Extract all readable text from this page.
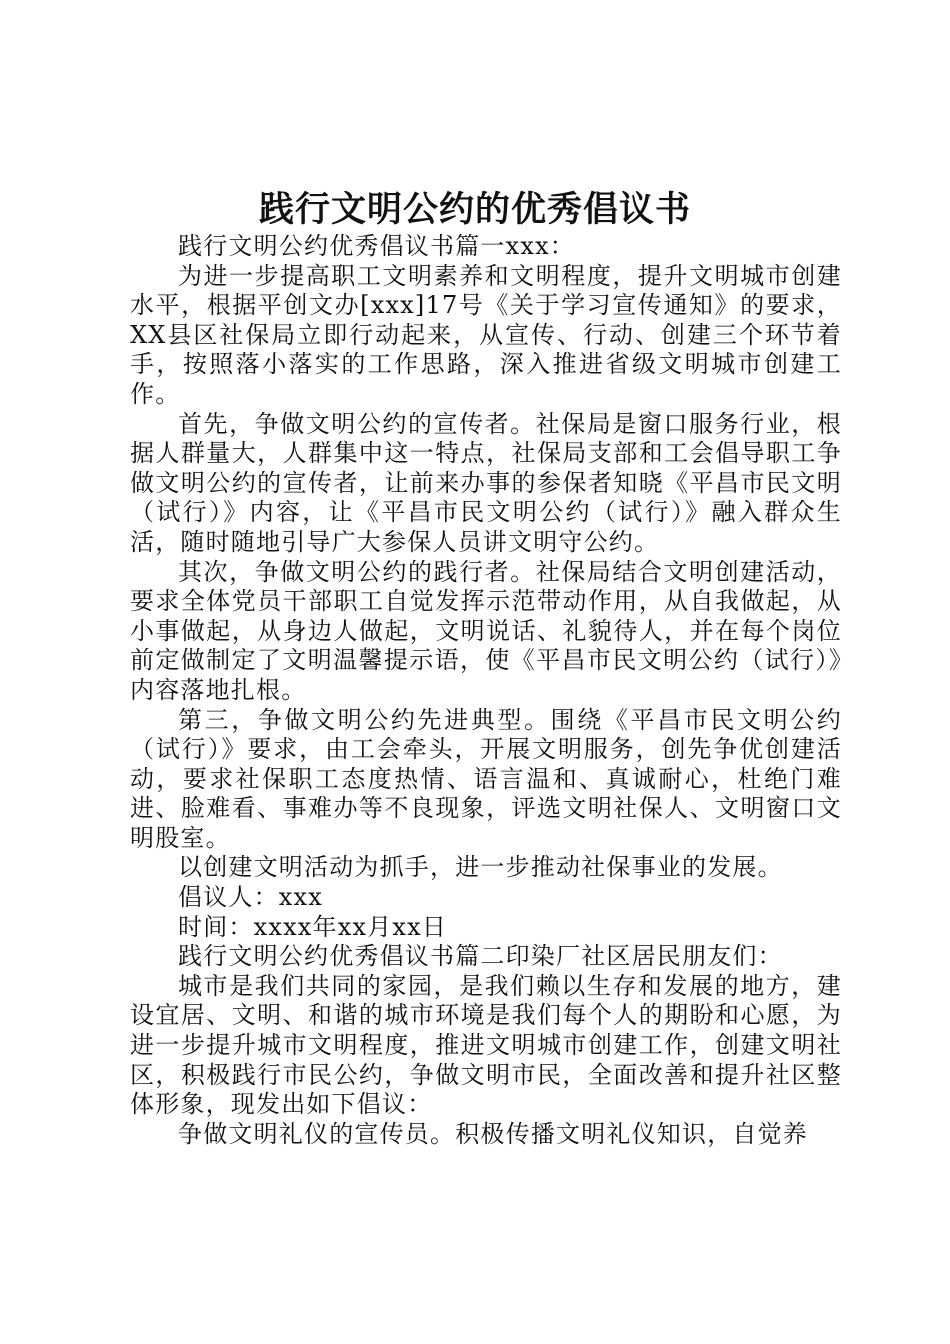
践行文明公约的优秀倡议书

践行文明公约优秀倡议书篇一xxx：

为进一步提高职工文明素养和文明程度，提升文明城市创建水平，根据平创文办[xxx]17号《关于学习宣传通知》的要求，XX县区社保局立即行动起来，从宣传、行动、创建三个环节着手，按照落小落实的工作思路，深入推进省级文明城市创建工作。

首先，争做文明公约的宣传者。社保局是窗口服务行业，根据人群量大，人群集中这一特点，社保局支部和工会倡导职工争做文明公约的宣传者，让前来办事的参保者知晓《平昌市民文明（试行）》内容，让《平昌市民文明公约（试行）》融入群众生活，随时随地引导广大参保人员讲文明守公约。

其次，争做文明公约的践行者。社保局结合文明创建活动，要求全体党员干部职工自觉发挥示范带动作用，从自我做起，从小事做起，从身边人做起，文明说话、礼貌待人，并在每个岗位前定做制定了文明温馨提示语，使《平昌市民文明公约（试行）》内容落地扎根。

第三，争做文明公约先进典型。围绕《平昌市民文明公约（试行）》要求，由工会牵头，开展文明服务，创先争优创建活动，要求社保职工态度热情、语言温和、真诚耐心，杜绝门难进、脸难看、事难办等不良现象，评选文明社保人、文明窗口文明股室。

以创建文明活动为抓手，进一步推动社保事业的发展。

倡议人：xxx

时间：xxxx年xx月xx日

践行文明公约优秀倡议书篇二印染厂社区居民朋友们：

城市是我们共同的家园，是我们赖以生存和发展的地方，建设宜居、文明、和谐的城市环境是我们每个人的期盼和心愿，为进一步提升城市文明程度，推进文明城市创建工作，创建文明社区，积极践行市民公约，争做文明市民，全面改善和提升社区整体形象，现发出如下倡议：

争做文明礼仪的宣传员。积极传播文明礼仪知识，自觉养
